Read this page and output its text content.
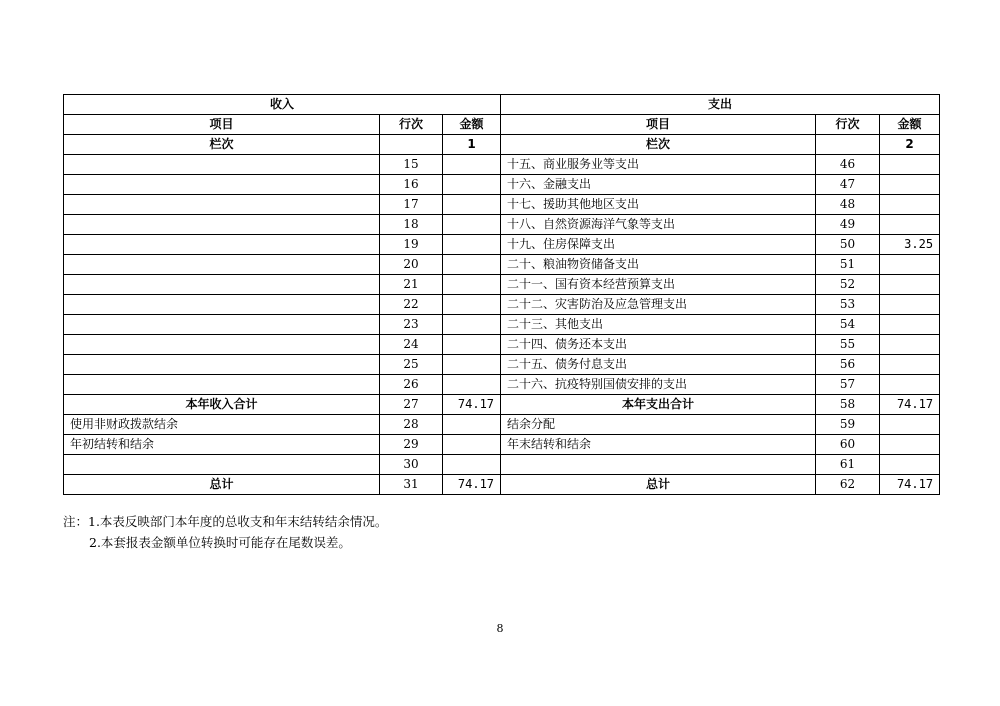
收入			支出		
项目	行次	金额	项目	行次	金额
栏次		1	栏次		2
	15		十五、商业服务业等支出	46	
	16		十六、金融支出	47	
	17		十七、援助其他地区支出	48	
	18		十八、自然资源海洋气象等支出	49	
	19		十九、住房保障支出	50	3.25
	20		二十、粮油物资储备支出	51	
	21		二十一、国有资本经营预算支出	52	
	22		二十二、灾害防治及应急管理支出	53	
	23		二十三、其他支出	54	
	24		二十四、债务还本支出	55	
	25		二十五、债务付息支出	56	
	26		二十六、抗疫特别国债安排的支出	57	
本年收入合计	27	74.17	本年支出合计	58	74.17
使用非财政拨款结余	28		结余分配	59	
年初结转和结余	29		年末结转和结余	60	
	30			61	
总计	31	74.17	总计	62	74.17
注：1.本表反映部门本年度的总收支和年末结转结余情况。
2.本套报表金额单位转换时可能存在尾数误差。
8
